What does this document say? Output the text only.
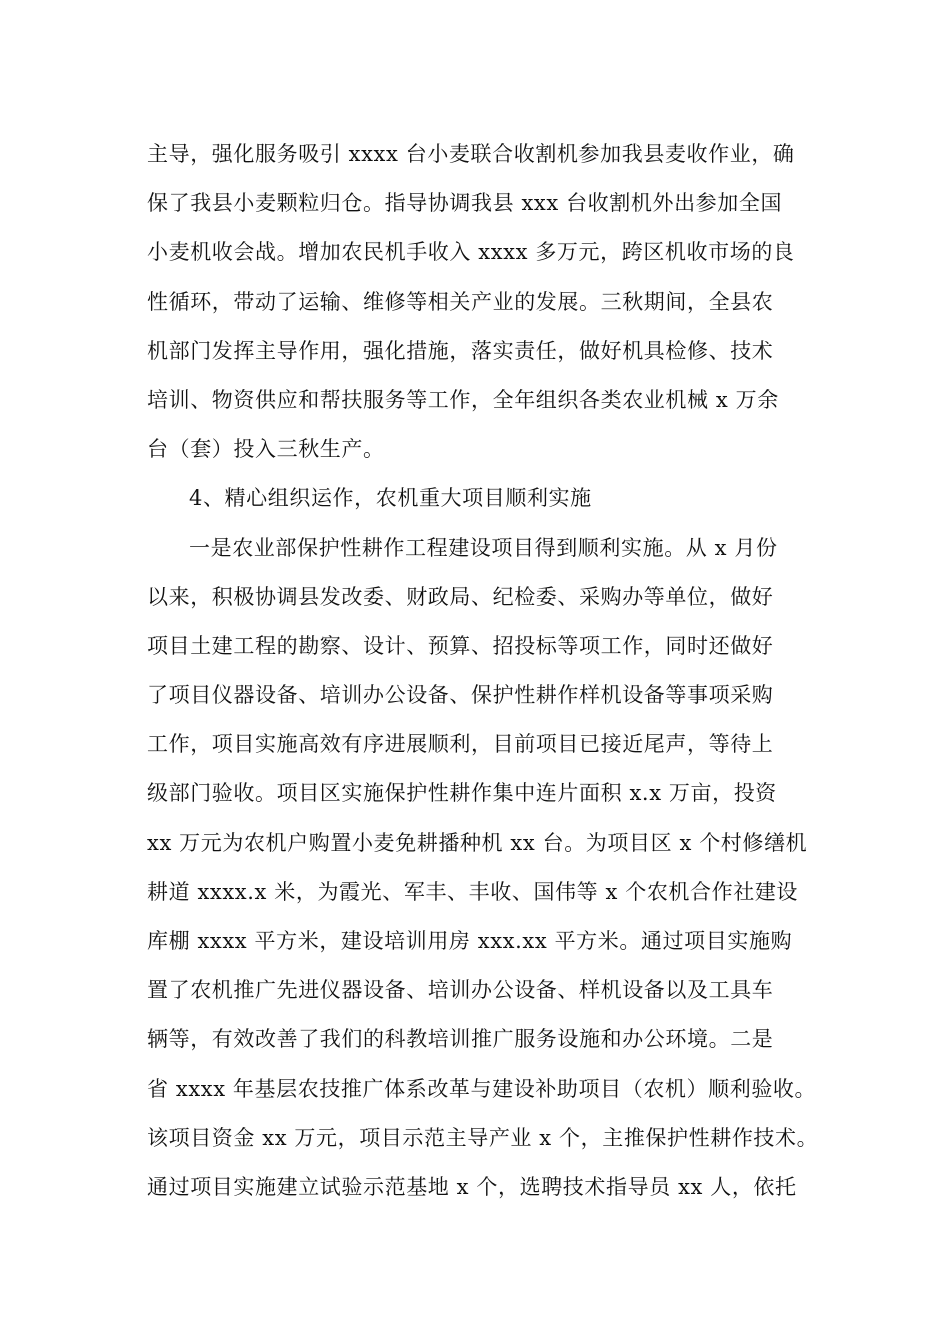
主导，强化服务吸引 xxxx 台小麦联合收割机参加我县麦收作业，确
保了我县小麦颗粒归仓。指导协调我县 xxx 台收割机外出参加全国
小麦机收会战。增加农民机手收入 xxxx 多万元，跨区机收市场的良
性循环，带动了运输、维修等相关产业的发展。三秋期间，全县农
机部门发挥主导作用，强化措施，落实责任，做好机具检修、技术
培训、物资供应和帮扶服务等工作，全年组织各类农业机械 x 万余
台（套）投入三秋生产。
4、精心组织运作，农机重大项目顺利实施
一是农业部保护性耕作工程建设项目得到顺利实施。从 x 月份
以来，积极协调县发改委、财政局、纪检委、采购办等单位，做好
项目土建工程的勘察、设计、预算、招投标等项工作，同时还做好
了项目仪器设备、培训办公设备、保护性耕作样机设备等事项采购
工作，项目实施高效有序进展顺利，目前项目已接近尾声，等待上
级部门验收。项目区实施保护性耕作集中连片面积 x.x 万亩，投资
xx 万元为农机户购置小麦免耕播种机 xx 台。为项目区 x 个村修缮机
耕道 xxxx.x 米，为霞光、军丰、丰收、国伟等 x 个农机合作社建设
库棚 xxxx 平方米，建设培训用房 xxx.xx 平方米。通过项目实施购
置了农机推广先进仪器设备、培训办公设备、样机设备以及工具车
辆等，有效改善了我们的科教培训推广服务设施和办公环境。二是
省 xxxx 年基层农技推广体系改革与建设补助项目（农机）顺利验收。
该项目资金 xx 万元，项目示范主导产业 x 个，主推保护性耕作技术。
通过项目实施建立试验示范基地 x 个，选聘技术指导员 xx 人，依托
